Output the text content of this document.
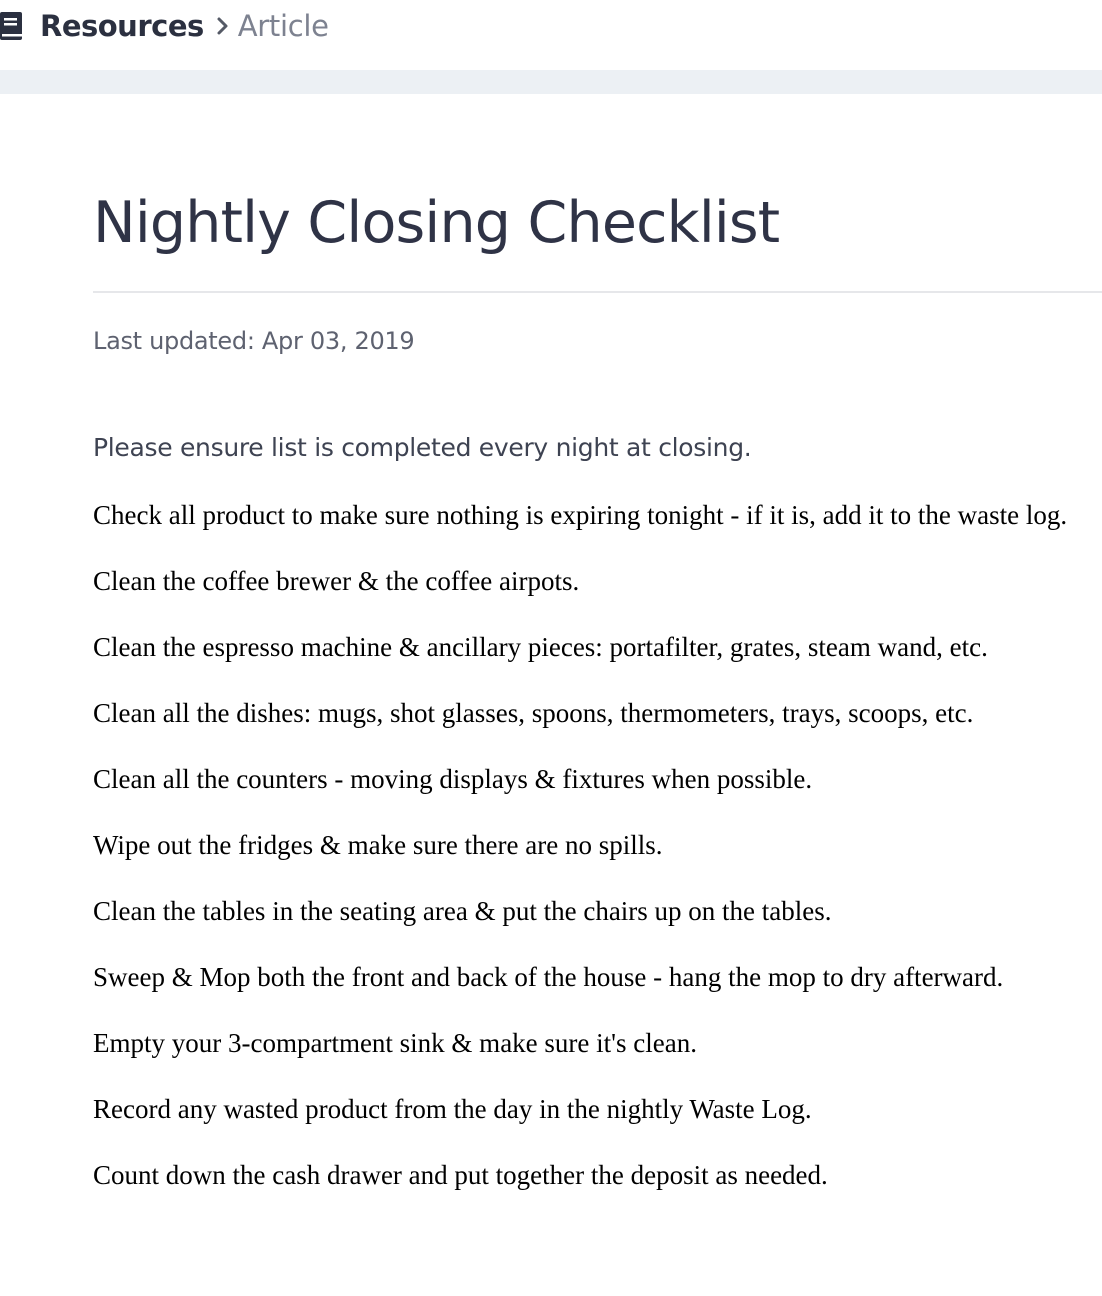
Resources Article
Nightly Closing Checklist
Last updated: Apr 03, 2019

Please ensure list is completed every night at closing.

Check all product to make sure nothing is expiring tonight - if it is, add it to the waste log.
Clean the coffee brewer & the coffee airpots.
Clean the espresso machine & ancillary pieces: portafilter, grates, steam wand, etc.
Clean all the dishes: mugs, shot glasses, spoons, thermometers, trays, scoops, etc.
Clean all the counters - moving displays & fixtures when possible.
Wipe out the fridges & make sure there are no spills.
Clean the tables in the seating area & put the chairs up on the tables.
Sweep & Mop both the front and back of the house - hang the mop to dry afterward.
Empty your 3-compartment sink & make sure it's clean.
Record any wasted product from the day in the nightly Waste Log.
Count down the cash drawer and put together the deposit as needed.
